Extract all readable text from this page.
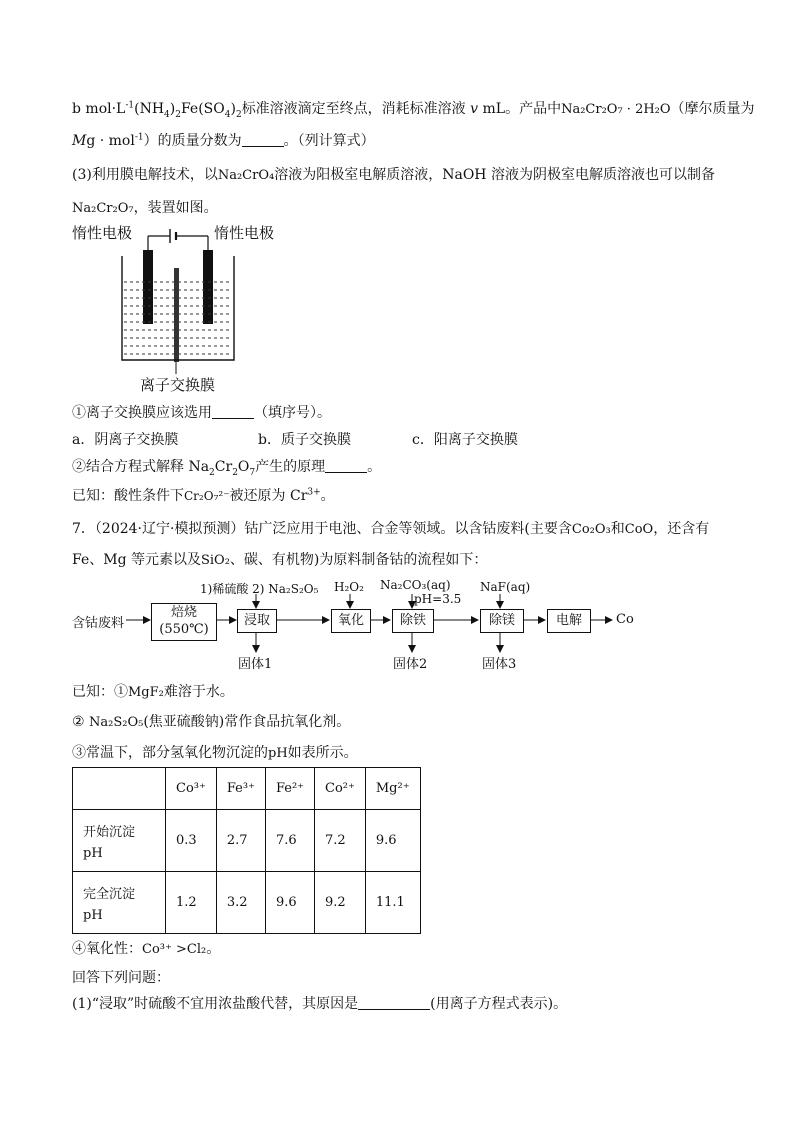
b $mol\cdot L^{-1}(NH_4)_2Fe(SO_4)_2$标准溶液滴定至终点，消耗标准溶液 v mL。产品中Na₂Cr₂O₇ · 2H₂O（摩尔质量为
Mg · mol$^{-1}$）的质量分数为	。（列计算式）
(3)利用膜电解技术，以Na₂CrO₄溶液为阳极室电解质溶液，NaOH 溶液为阴极室电解质溶液也可以制备
Na₂Cr₂O₇，装置如图。
惰性电极	惰性电极
离子交换膜
①离子交换膜应该选用	（填序号）。
a．阴离子交换膜	b．质子交换膜	c．阳离子交换膜
②结合方程式解释 $Na_2Cr_2O_7$产生的原理	。
已知：酸性条件下Cr₂O₇²⁻被还原为 $Cr^{3+}$。
7．（2024·辽宁·模拟预测）钴广泛应用于电池、合金等领域。以含钴废料(主要含Co₂O₃和CoO，还含有
Fe、Mg 等元素以及SiO₂、碳、有机物)为原料制备钴的流程如下：
含钴废料
焙烧
(550℃)
浸取	氧化	除铁	除镁	电解	Co
1)稀硫酸 2) Na₂S₂O₅ H₂O₂ Na₂CO₃(aq)
pH=3.5
NaF(aq)
固体1	固体2	固体3
已知：①MgF₂难溶于水。
② Na₂S₂O₅(焦亚硫酸钠)常作食品抗氧化剂。
③常温下，部分氢氧化物沉淀的pH如表所示。
	Co³⁺	Fe³⁺	Fe²⁺	Co²⁺	Mg²⁺

开始沉淀
pH	0.3	2.7	7.6	7.2	9.6

完全沉淀
pH	1.2	3.2	9.6	9.2	11.1
④氧化性：Co³⁺ >Cl₂。
回答下列问题：
(1)“浸取”时硫酸不宜用浓盐酸代替，其原因是	(用离子方程式表示)。
